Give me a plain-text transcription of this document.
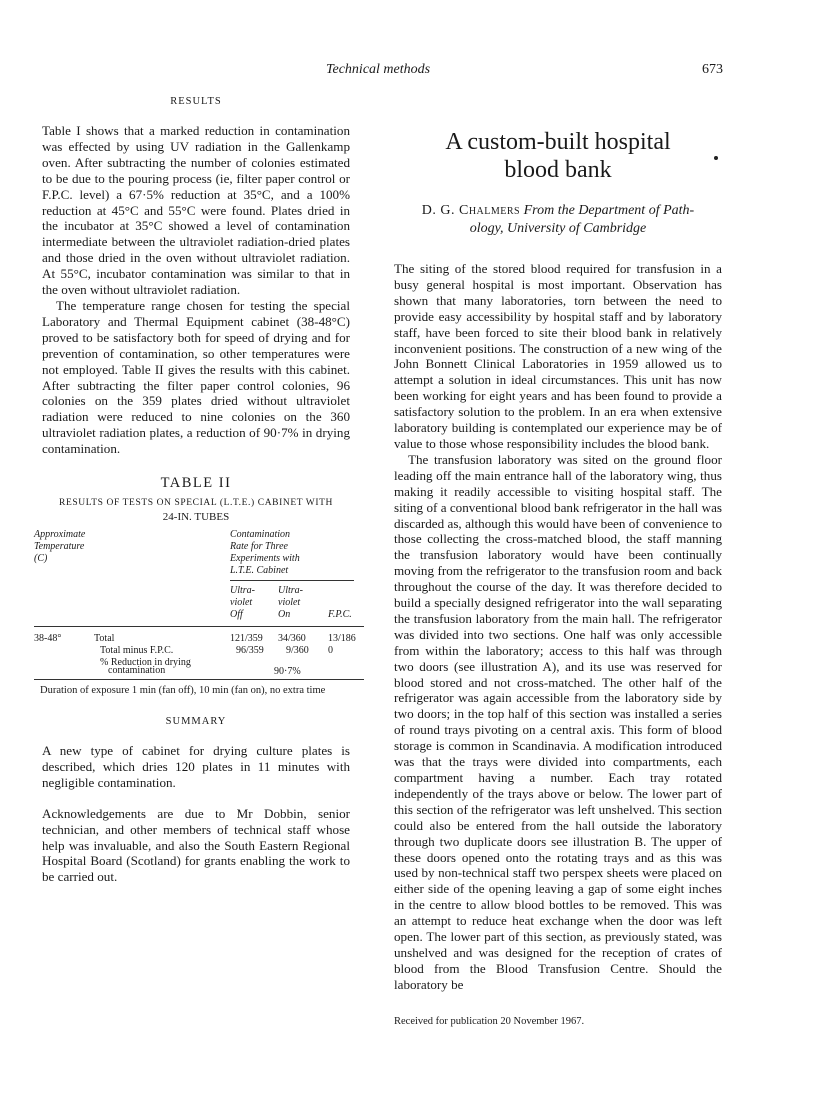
Technical methods	673

RESULTS

Table I shows that a marked reduction in contamination was effected by using UV radiation in the Gallenkamp oven. After subtracting the number of colonies estimated to be due to the pouring process (ie, filter paper control or F.P.C. level) a 67·5% reduction at 35°C, and a 100% reduction at 45°C and 55°C were found. Plates dried in the incubator at 35°C showed a level of contamination intermediate between the ultraviolet radiation-dried plates and those dried in the oven without ultraviolet radiation. At 55°C, incubator contamination was similar to that in the oven without ultraviolet radiation.

The temperature range chosen for testing the special Laboratory and Thermal Equipment cabinet (38-48°C) proved to be satisfactory both for speed of drying and for prevention of contamination, so other temperatures were not employed. Table II gives the results with this cabinet. After subtracting the filter paper control colonies, 96 colonies on the 359 plates dried without ultraviolet radiation were reduced to nine colonies on the 360 ultraviolet radiation plates, a reduction of 90·7% in drying contamination.

TABLE II

RESULTS OF TESTS ON SPECIAL (L.T.E.) CABINET WITH
24-IN. TUBES

Approximate
Temperature
(C)
Contamination
Rate for Three
Experiments with
L.T.E. Cabinet
Ultra-
violet
Off
Ultra-
violet
On	F.P.C.
38-48°	Total	121/359 34/360 13/186
Total minus F.P.C.	96/359 9/360 0
% Reduction in drying
contamination	90·7%

Duration of exposure 1 min (fan off), 10 min (fan on), no extra time

SUMMARY

A new type of cabinet for drying culture plates is described, which dries 120 plates in 11 minutes with negligible contamination.

Acknowledgements are due to Mr Dobbin, senior technician, and other members of technical staff whose help was invaluable, and also the South Eastern Regional Hospital Board (Scotland) for grants enabling the work to be carried out.

A custom-built hospital
blood bank

D. G. Chalmers From the Department of Path-
ology, University of Cambridge

The siting of the stored blood required for transfusion in a busy general hospital is most important. Observation has shown that many laboratories, torn between the need to provide easy accessibility by hospital staff and by laboratory staff, have been forced to site their blood bank in relatively inconvenient positions. The construction of a new wing of the John Bonnett Clinical Laboratories in 1959 allowed us to attempt a solution in ideal circumstances. This unit has now been working for eight years and has been found to provide a satisfactory solution to the problem. In an era when extensive laboratory building is contemplated our experience may be of value to those whose responsibility includes the blood bank.

The transfusion laboratory was sited on the ground floor leading off the main entrance hall of the laboratory wing, thus making it readily accessible to visiting hospital staff. The siting of a conventional blood bank refrigerator in the hall was discarded as, although this would have been of convenience to those collecting the cross-matched blood, the staff manning the transfusion laboratory would have been continually moving from the refrigerator to the transfusion room and back throughout the course of the day. It was therefore decided to build a specially designed refrigerator into the wall separating the transfusion laboratory from the main hall. The refrigerator was divided into two sections. One half was only accessible from within the laboratory; access to this half was through two doors (see illustration A), and its use was reserved for blood stored and not cross-matched. The other half of the refrigerator was again accessible from the laboratory side by two doors; in the top half of this section was installed a series of round trays pivoting on a central axis. This form of blood storage is common in Scandinavia. A modification introduced was that the trays were divided into compartments, each compartment having a number. Each tray rotated independently of the trays above or below. The lower part of this section of the refrigerator was left unshelved. This section could also be entered from the hall outside the laboratory through two duplicate doors see illustration B. The upper of these doors opened onto the rotating trays and as this was used by non-technical staff two perspex sheets were placed on either side of the opening leaving a gap of some eight inches in the centre to allow blood bottles to be removed. This was an attempt to reduce heat exchange when the door was left open. The lower part of this section, as previously stated, was unshelved and was designed for the reception of crates of blood from the Blood Transfusion Centre. Should the laboratory be

Received for publication 20 November 1967.
